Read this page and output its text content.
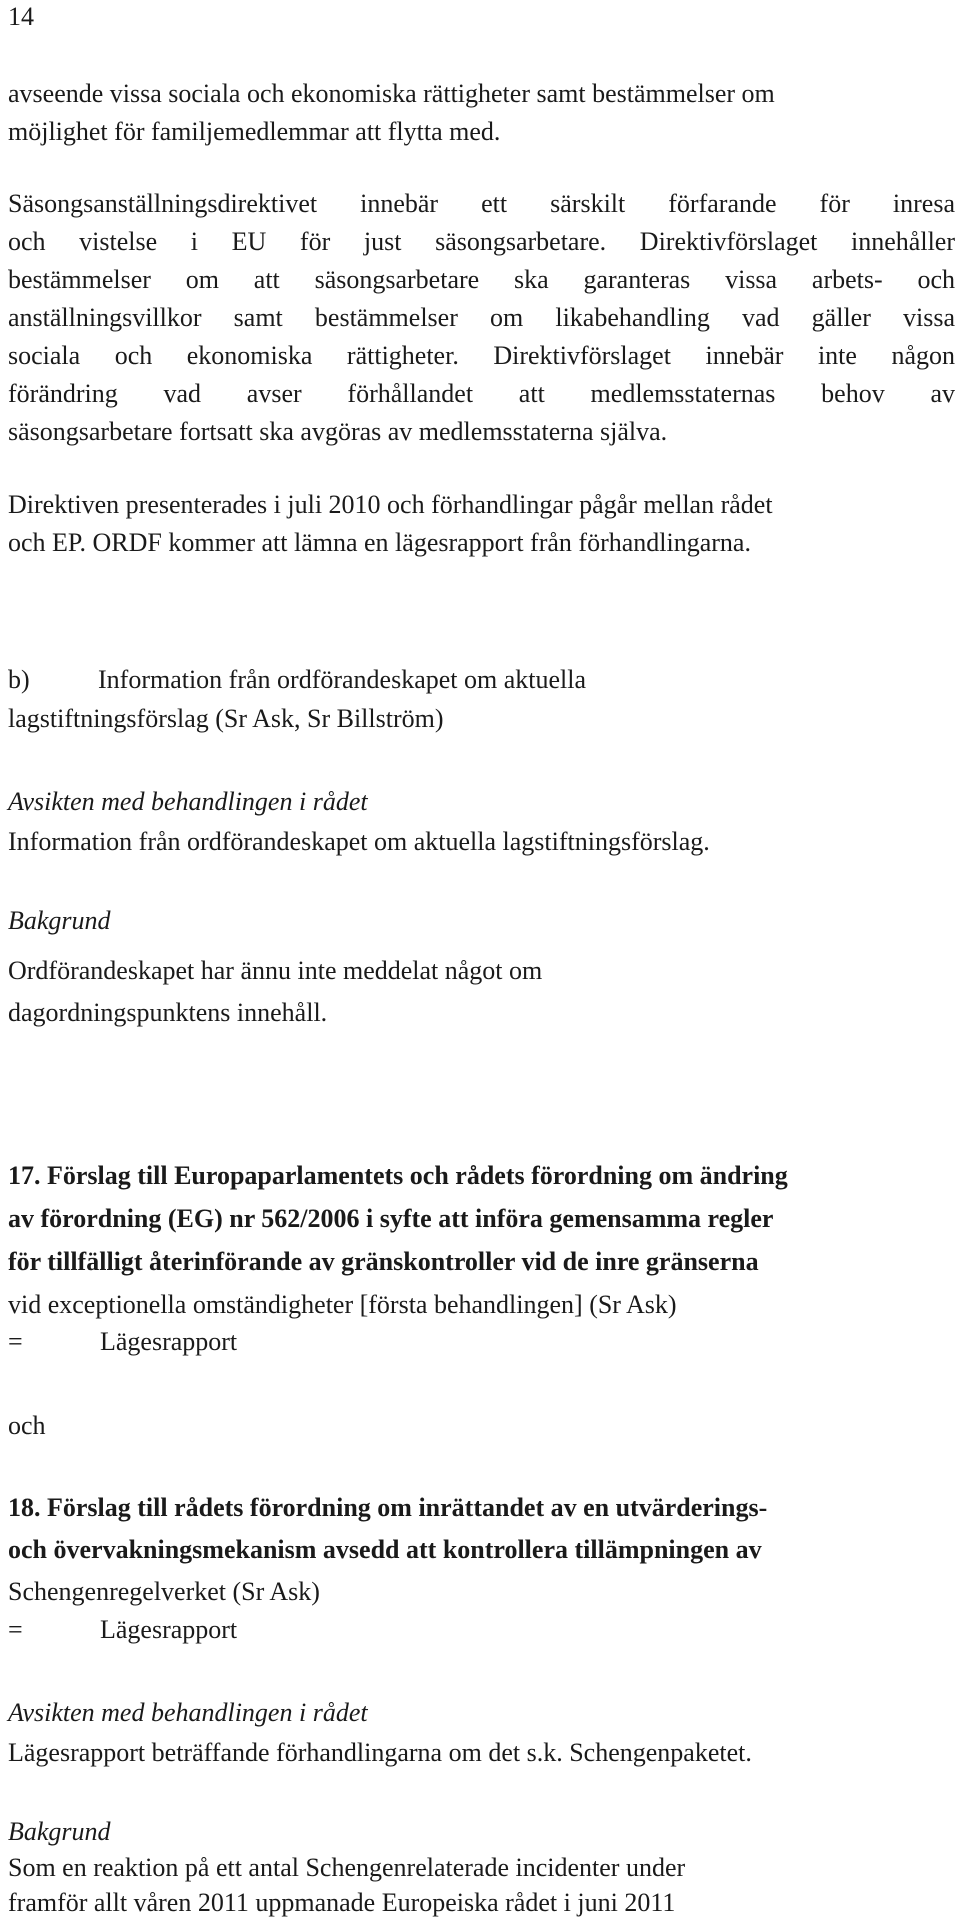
14
avseende vissa sociala och ekonomiska rättigheter samt bestämmelser om
möjlighet för familjemedlemmar att flytta med.
Säsongsanställningsdirektivet innebär ett särskilt förfarande för inresa
och vistelse i EU för just säsongsarbetare. Direktivförslaget innehåller
bestämmelser om att säsongsarbetare ska garanteras vissa arbets- och
anställningsvillkor samt bestämmelser om likabehandling vad gäller vissa
sociala och ekonomiska rättigheter. Direktivförslaget innebär inte någon
förändring vad avser förhållandet att medlemsstaternas behov av
säsongsarbetare fortsatt ska avgöras av medlemsstaterna själva.
Direktiven presenterades i juli 2010 och förhandlingar pågår mellan rådet
och EP. ORDF kommer att lämna en lägesrapport från förhandlingarna.
b)	Information från ordförandeskapet om aktuella
lagstiftningsförslag (Sr Ask, Sr Billström)
Avsikten med behandlingen i rådet
Information från ordförandeskapet om aktuella lagstiftningsförslag.
Bakgrund
Ordförandeskapet har ännu inte meddelat något om
dagordningspunktens innehåll.
17. Förslag till Europaparlamentets och rådets förordning om ändring
av förordning (EG) nr 562/2006 i syfte att införa gemensamma regler
för tillfälligt återinförande av gränskontroller vid de inre gränserna
vid exceptionella omständigheter [första behandlingen] (Sr Ask)
=	Lägesrapport
och
18. Förslag till rådets förordning om inrättandet av en utvärderings-
och övervakningsmekanism avsedd att kontrollera tillämpningen av
Schengenregelverket (Sr Ask)
=	Lägesrapport
Avsikten med behandlingen i rådet
Lägesrapport beträffande förhandlingarna om det s.k. Schengenpaketet.
Bakgrund
Som en reaktion på ett antal Schengenrelaterade incidenter under
framför allt våren 2011 uppmanade Europeiska rådet i juni 2011
